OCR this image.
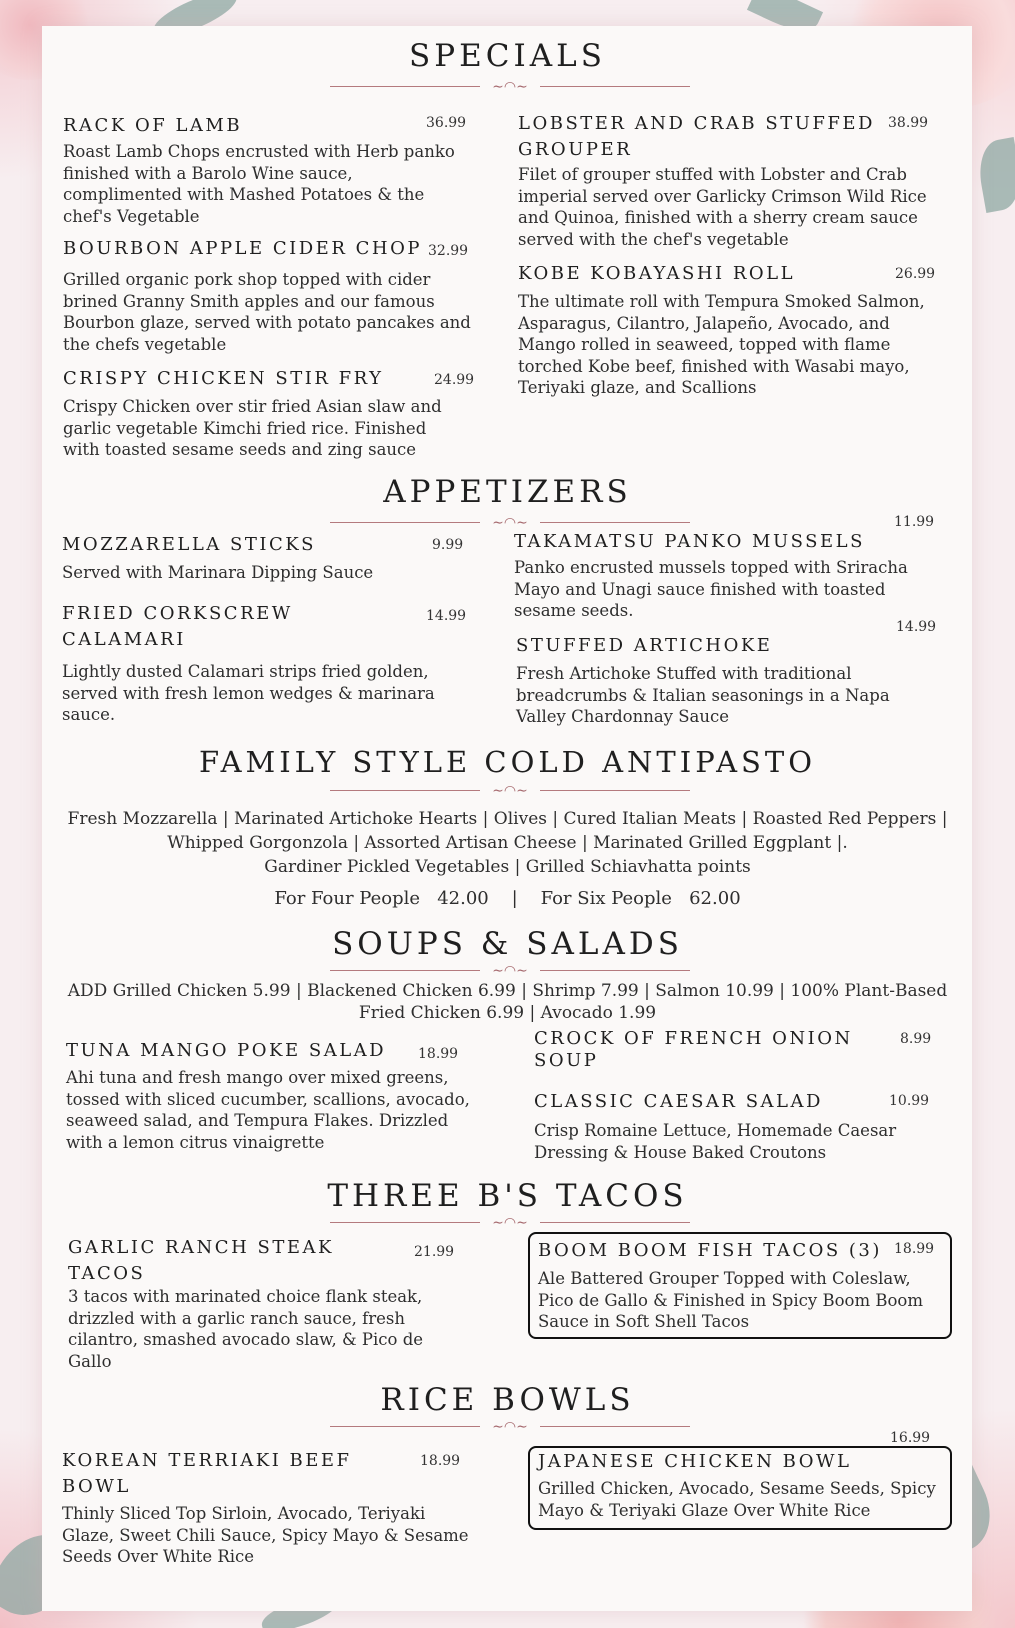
SPECIALS
∼◠∼
RACK OF LAMB	36.99
Roast Lamb Chops encrusted with Herb panko finished with a Barolo Wine sauce, complimented with Mashed Potatoes & the chef's Vegetable
BOURBON APPLE CIDER CHOP 32.99
Grilled organic pork shop topped with cider brined Granny Smith apples and our famous Bourbon glaze, served with potato pancakes and the chefs vegetable
CRISPY CHICKEN STIR FRY	24.99
Crispy Chicken over stir fried Asian slaw and garlic vegetable Kimchi fried rice. Finished with toasted sesame seeds and zing sauce
LOBSTER AND CRAB STUFFED GROUPER
38.99
Filet of grouper stuffed with Lobster and Crab imperial served over Garlicky Crimson Wild Rice and Quinoa, finished with a sherry cream sauce served with the chef's vegetable
KOBE KOBAYASHI ROLL	26.99
The ultimate roll with Tempura Smoked Salmon, Asparagus, Cilantro, Jalapeño, Avocado, and Mango rolled in seaweed, topped with flame torched Kobe beef, finished with Wasabi mayo, Teriyaki glaze, and Scallions
APPETIZERS
∼◠∼
MOZZARELLA STICKS	9.99
Served with Marinara Dipping Sauce
FRIED CORKSCREW CALAMARI
14.99
Lightly dusted Calamari strips fried golden, served with fresh lemon wedges & marinara sauce.
11.99
TAKAMATSU PANKO MUSSELS
Panko encrusted mussels topped with Sriracha Mayo and Unagi sauce finished with toasted sesame seeds.
14.99
STUFFED ARTICHOKE
Fresh Artichoke Stuffed with traditional breadcrumbs & Italian seasonings in a Napa Valley Chardonnay Sauce
FAMILY STYLE COLD ANTIPASTO
∼◠∼
Fresh Mozzarella | Marinated Artichoke Hearts | Olives | Cured Italian Meats | Roasted Red Peppers |
Whipped Gorgonzola | Assorted Artisan Cheese | Marinated Grilled Eggplant |.
Gardiner Pickled Vegetables | Grilled Schiavhatta points
For Four People 42.00 | For Six People 62.00
SOUPS & SALADS
∼◠∼
ADD Grilled Chicken 5.99 | Blackened Chicken 6.99 | Shrimp 7.99 | Salmon 10.99 | 100% Plant-Based
Fried Chicken 6.99 | Avocado 1.99
TUNA MANGO POKE SALAD 18.99
Ahi tuna and fresh mango over mixed greens, tossed with sliced cucumber, scallions, avocado, seaweed salad, and Tempura Flakes. Drizzled with a lemon citrus vinaigrette
CROCK OF FRENCH ONION SOUP
8.99
CLASSIC CAESAR SALAD	10.99
Crisp Romaine Lettuce, Homemade Caesar Dressing & House Baked Croutons
THREE B'S TACOS
∼◠∼
GARLIC RANCH STEAK TACOS
21.99
3 tacos with marinated choice flank steak, drizzled with a garlic ranch sauce, fresh cilantro, smashed avocado slaw, & Pico de Gallo
BOOM BOOM FISH TACOS (3) 18.99
Ale Battered Grouper Topped with Coleslaw, Pico de Gallo & Finished in Spicy Boom Boom Sauce in Soft Shell Tacos
RICE BOWLS
∼◠∼
KOREAN TERRIAKI BEEF BOWL
18.99
Thinly Sliced Top Sirloin, Avocado, Teriyaki Glaze, Sweet Chili Sauce, Spicy Mayo & Sesame Seeds Over White Rice
16.99
JAPANESE CHICKEN BOWL
Grilled Chicken, Avocado, Sesame Seeds, Spicy Mayo & Teriyaki Glaze Over White Rice
